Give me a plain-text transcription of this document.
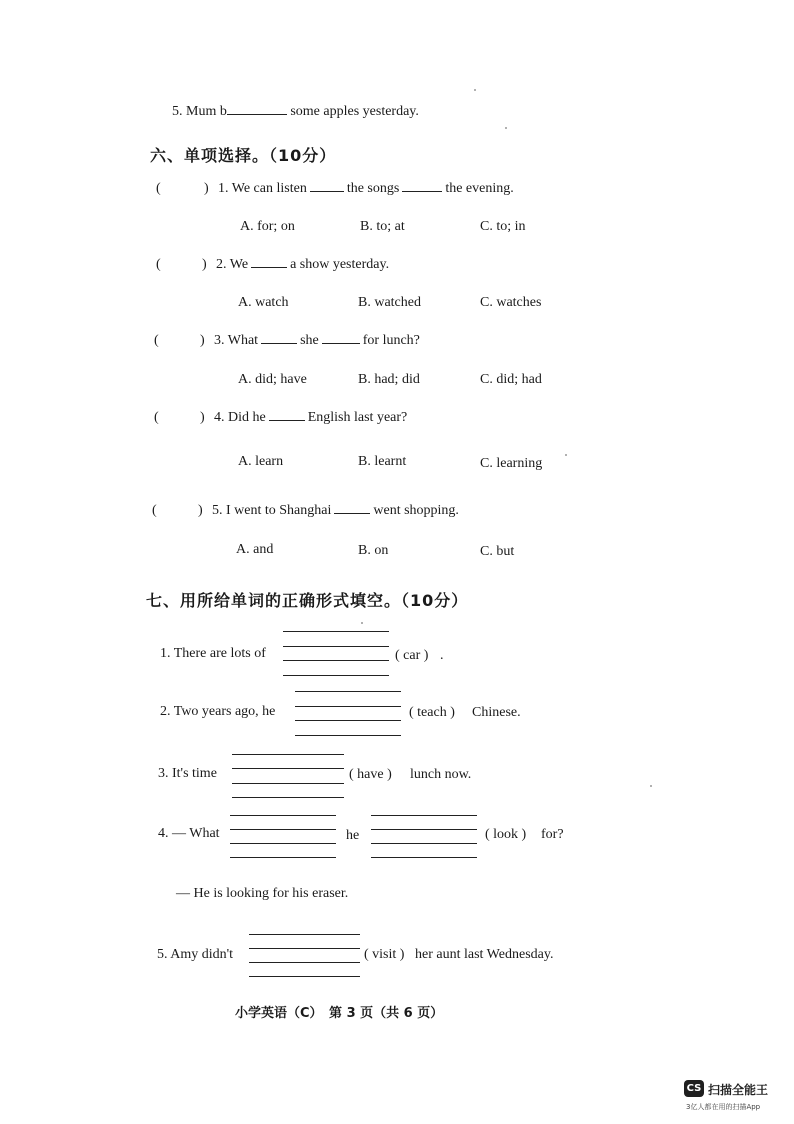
5. Mum b	some apples yesterday.
六、单项选择。（10分）
(	) 1. We can listen	the songs	the evening.
A. for; on	B. to; at	C. to; in
(	) 2. We	a show yesterday.
A. watch	B. watched	C. watches
(	) 3. What	she	for lunch?
A. did; have	B. had; did	C. did; had
(	) 4. Did he	English last year?
A. learn	B. learnt	C. learning
(	) 5. I went to Shanghai	went shopping.
A. and	B. on	C. but
七、用所给单词的正确形式填空。（10分）
1. There are lots of	( car ) .
2. Two years ago, he	( teach ) Chinese.
3. It's time	( have ) lunch now.
4. — What	he	( look ) for?
— He is looking for his eraser.
5. Amy didn't	( visit ) her aunt last Wednesday.
小学英语（C）　第 3 页（共 6 页）
CS 扫描全能王
3亿人都在用的扫描App
